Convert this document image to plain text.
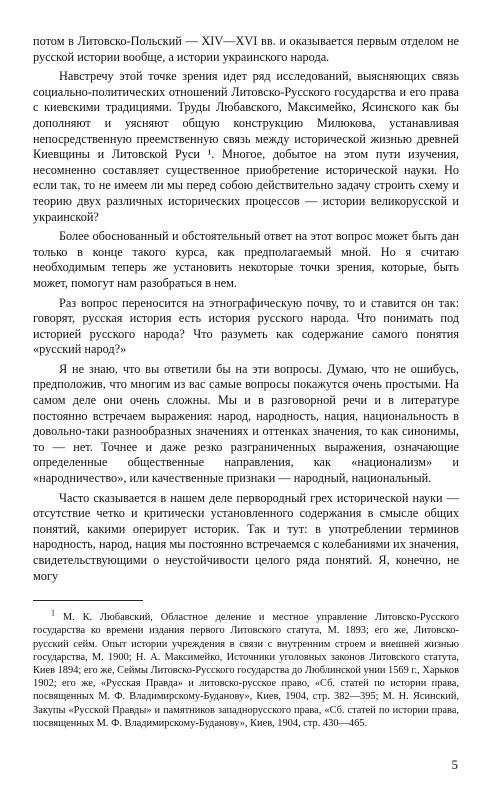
потом в Литовско-Польский — XIV—XVI вв. и оказывается первым отделом не русской истории вообще, а истории украинского народа.

Навстречу этой точке зрения идет ряд исследований, выясняющих связь социально-политических отношений Литовско-Русского государства и его права с киевскими традициями. Труды Любавского, Максимейко, Ясинского как бы дополняют и уясняют общую конструкцию Милюкова, устанавливая непосредственную преемственную связь между исторической жизнью древней Киевщины и Литовской Руси ¹. Многое, добытое на этом пути изучения, несомненно составляет существенное приобретение исторической науки. Но если так, то не имеем ли мы перед собою действительно задачу строить схему и теорию двух различных исторических процессов — истории великорусской и украинской?

Более обоснованный и обстоятельный ответ на этот вопрос может быть дан только в конце такого курса, как предполагаемый мной. Но я считаю необходимым теперь же установить некоторые точки зрения, которые, быть может, помогут нам разобраться в нем.

Раз вопрос переносится на этнографическую почву, то и ставится он так: говорят, русская история есть история русского народа. Что понимать под историей русского народа? Что разуметь как содержание самого понятия «русский народ?»

Я не знаю, что вы ответили бы на эти вопросы. Думаю, что не ошибусь, предположив, что многим из вас самые вопросы покажутся очень простыми. На самом деле они очень сложны. Мы и в разговорной речи и в литературе постоянно встречаем выражения: народ, народность, нация, национальность в довольно-таки разнообразных значениях и оттенках значения, то как синонимы, то — нет. Точнее и даже резко разграниченных выражения, означающие определенные общественные направления, как «национализм» и «народничество», или качественные признаки — народный, национальный.

Часто сказывается в нашем деле первородный грех исторической науки — отсутствие четко и критически установленного содержания в смысле общих понятий, какими оперирует историк. Так и тут: в употреблении терминов народность, народ, нация мы постоянно встречаемся с колебаниями их значения, свидетельствующими о неустойчивости целого ряда понятий. Я, конечно, не могу

$^1$ М. К. Любавский, Областное деление и местное управление Литовско-Русского государства ко времени издания первого Литовского статута, М. 1893; его же, Литовско-русский сейм. Опыт истории учреждения в связи с внутренним строем и внешней жизнью государства, М. 1900; Н. А. Максимейко, Источники уголовных законов Литовского статута, Киев 1894; его же, Сеймы Литовско-Русского государства до Люблинской унии 1569 г., Харьков 1902; его же, «Русская Правда» и литовско-русское право, «Сб. статей по истории права, посвященных М. Ф. Владимирскому-Буданову», Киев, 1904, стр. 382—395; М. Н. Ясинский, Закупы «Русской Правды» и памятников западнорусского права, «Сб. статей по истории права, посвященных М. Ф. Владимирскому-Буданову», Киев, 1904, стр. 430—465.

5
